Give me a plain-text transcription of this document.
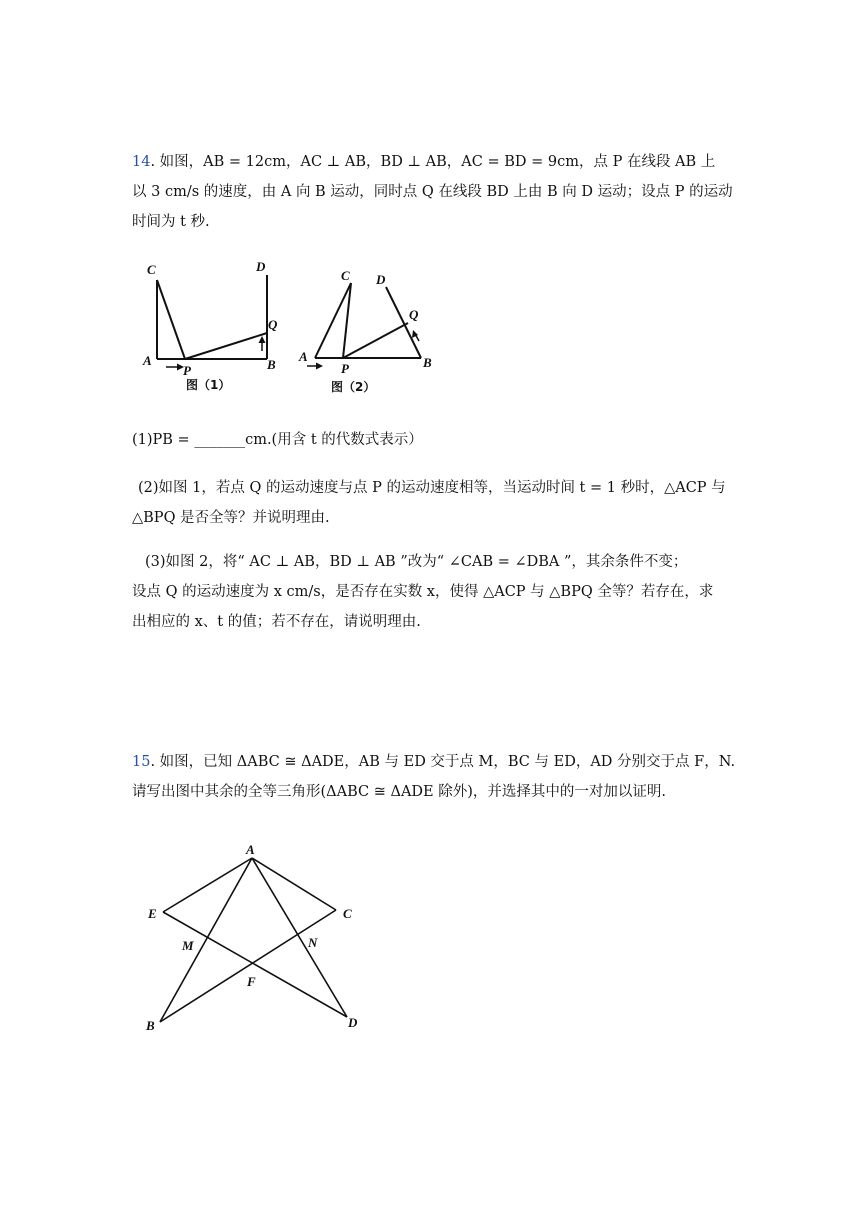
14. 如图，AB = 12cm，AC ⊥ AB，BD ⊥ AB，AC = BD = 9cm，点 P 在线段 AB 上
以 3 cm/s 的速度，由 A 向 B 运动，同时点 Q 在线段 BD 上由 B 向 D 运动；设点 P 的运动
时间为 t 秒.
C	D
Q
A
P	B
图（1）
C D
Q
A
P	B
图（2）
(1)PB = _______cm.(用含 t 的代数式表示）
(2)如图 1，若点 Q 的运动速度与点 P 的运动速度相等，当运动时间 t = 1 秒时，△ACP 与
△BPQ 是否全等？并说明理由.
(3)如图 2，将“ AC ⊥ AB，BD ⊥ AB ”改为“ ∠CAB = ∠DBA ”，其余条件不变；
设点 Q 的运动速度为 x cm/s，是否存在实数 x，使得 △ACP 与 △BPQ 全等？若存在，求
出相应的 x、t 的值；若不存在，请说明理由.
15. 如图，已知 ΔABC ≅ ΔADE，AB 与 ED 交于点 M，BC 与 ED，AD 分别交于点 F，N.
请写出图中其余的全等三角形(ΔABC ≅ ΔADE 除外)，并选择其中的一对加以证明.
A
E	C
M	N
F
B	D
